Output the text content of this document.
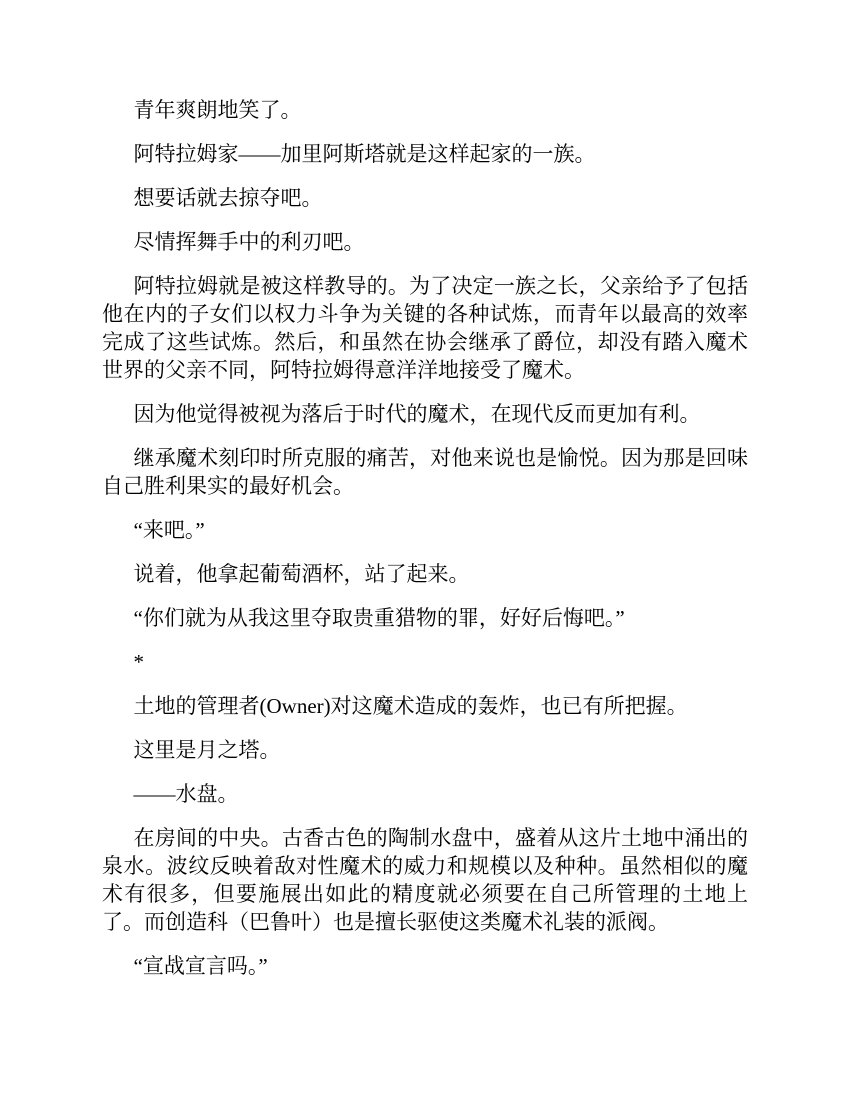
青年爽朗地笑了。

阿特拉姆家——加里阿斯塔就是这样起家的一族。

想要话就去掠夺吧。

尽情挥舞手中的利刃吧。

阿特拉姆就是被这样教导的。为了决定一族之长，父亲给予了包括他在内的子女们以权力斗争为关键的各种试炼，而青年以最高的效率完成了这些试炼。然后，和虽然在协会继承了爵位，却没有踏入魔术世界的父亲不同，阿特拉姆得意洋洋地接受了魔术。

因为他觉得被视为落后于时代的魔术，在现代反而更加有利。

继承魔术刻印时所克服的痛苦，对他来说也是愉悦。因为那是回味自己胜利果实的最好机会。

“来吧。”

说着，他拿起葡萄酒杯，站了起来。

“你们就为从我这里夺取贵重猎物的罪，好好后悔吧。”

*

土地的管理者(Owner)对这魔术造成的轰炸，也已有所把握。

这里是月之塔。

——水盘。

在房间的中央。古香古色的陶制水盘中，盛着从这片土地中涌出的泉水。波纹反映着敌对性魔术的威力和规模以及种种。虽然相似的魔术有很多，但要施展出如此的精度就必须要在自己所管理的土地上了。而创造科（巴鲁叶）也是擅长驱使这类魔术礼装的派阀。

“宣战宣言吗。”
